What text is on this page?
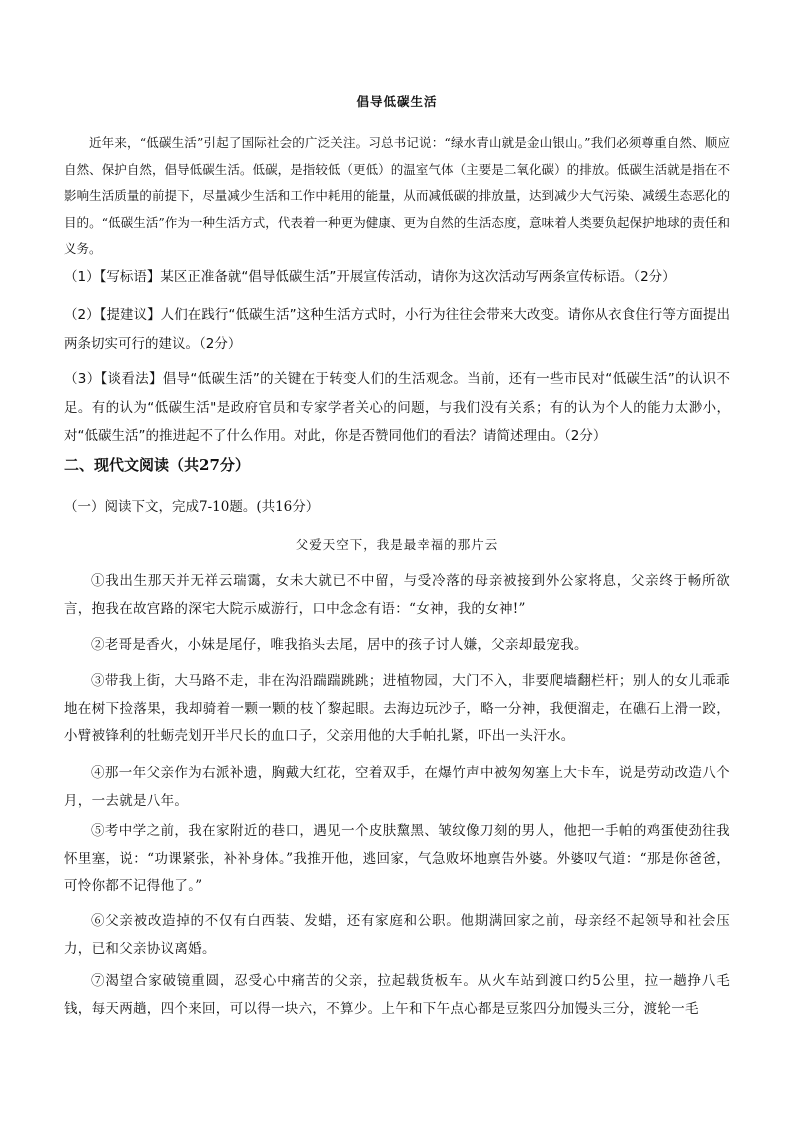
倡导低碳生活

近年来，“低碳生活”引起了国际社会的广泛关注。习总书记说：“绿水青山就是金山银山。”我们必须尊重自然、顺应自然、保护自然，倡导低碳生活。低碳，是指较低（更低）的温室气体（主要是二氧化碳）的排放。低碳生活就是指在不影响生活质量的前提下，尽量减少生活和工作中耗用的能量，从而减低碳的排放量，达到减少大气污染、减缓生态恶化的目的。“低碳生活”作为一种生活方式，代表着一种更为健康、更为自然的生活态度，意味着人类要负起保护地球的责任和义务。

（1）【写标语】某区正准备就“倡导低碳生活”开展宣传活动，请你为这次活动写两条宣传标语。（2分）

（2）【提建议】人们在践行“低碳生活”这种生活方式时，小行为往往会带来大改变。请你从衣食住行等方面提出两条切实可行的建议。（2分）

（3）【谈看法】倡导“低碳生活”的关键在于转变人们的生活观念。当前，还有一些市民对“低碳生活”的认识不足。有的认为“低碳生活"是政府官员和专家学者关心的问题，与我们没有关系；有的认为个人的能力太渺小，对“低碳生活”的推进起不了什么作用。对此，你是否赞同他们的看法？请简述理由。（2分）

二、现代文阅读（共27分）
（一）阅读下文，完成7-10题。(共16分）
父爱天空下，我是最幸福的那片云

①我出生那天并无祥云瑞霭，女未大就已不中留，与受冷落的母亲被接到外公家将息，父亲终于畅所欲言，抱我在故宫路的深宅大院示威游行，口中念念有语：“女神，我的女神!”

②老哥是香火，小妹是尾仔，唯我掐头去尾，居中的孩子讨人嫌，父亲却最宠我。

③带我上街，大马路不走，非在沟沿踹踹跳跳；进植物园，大门不入，非要爬墙翻栏杆；别人的女儿乖乖地在树下捡落果，我却骑着一颗一颗的枝丫黎起眼。去海边玩沙子，略一分神，我便溜走，在礁石上滑一跤，小臂被锋利的牡蛎壳划开半尺长的血口子，父亲用他的大手帕扎紧，吓出一头汗水。

④那一年父亲作为右派补遗，胸戴大红花，空着双手，在爆竹声中被匆匆塞上大卡车，说是劳动改造八个月，一去就是八年。

⑤考中学之前，我在家附近的巷口，遇见一个皮肤黧黑、皱纹像刀刻的男人，他把一手帕的鸡蛋使劲往我怀里塞，说：“功课紧张，补补身体。”我推开他，逃回家，气急败坏地禀告外婆。外婆叹气道：“那是你爸爸，可怜你都不记得他了。”

⑥父亲被改造掉的不仅有白西装、发蜡，还有家庭和公职。他期满回家之前，母亲经不起领导和社会压力，已和父亲协议离婚。

⑦渴望合家破镜重圆，忍受心中痛苦的父亲，拉起载货板车。从火车站到渡口约5公里，拉一趟挣八毛钱，每天两趟，四个来回，可以得一块六，不算少。上午和下午点心都是豆浆四分加馒头三分，渡轮一毛
